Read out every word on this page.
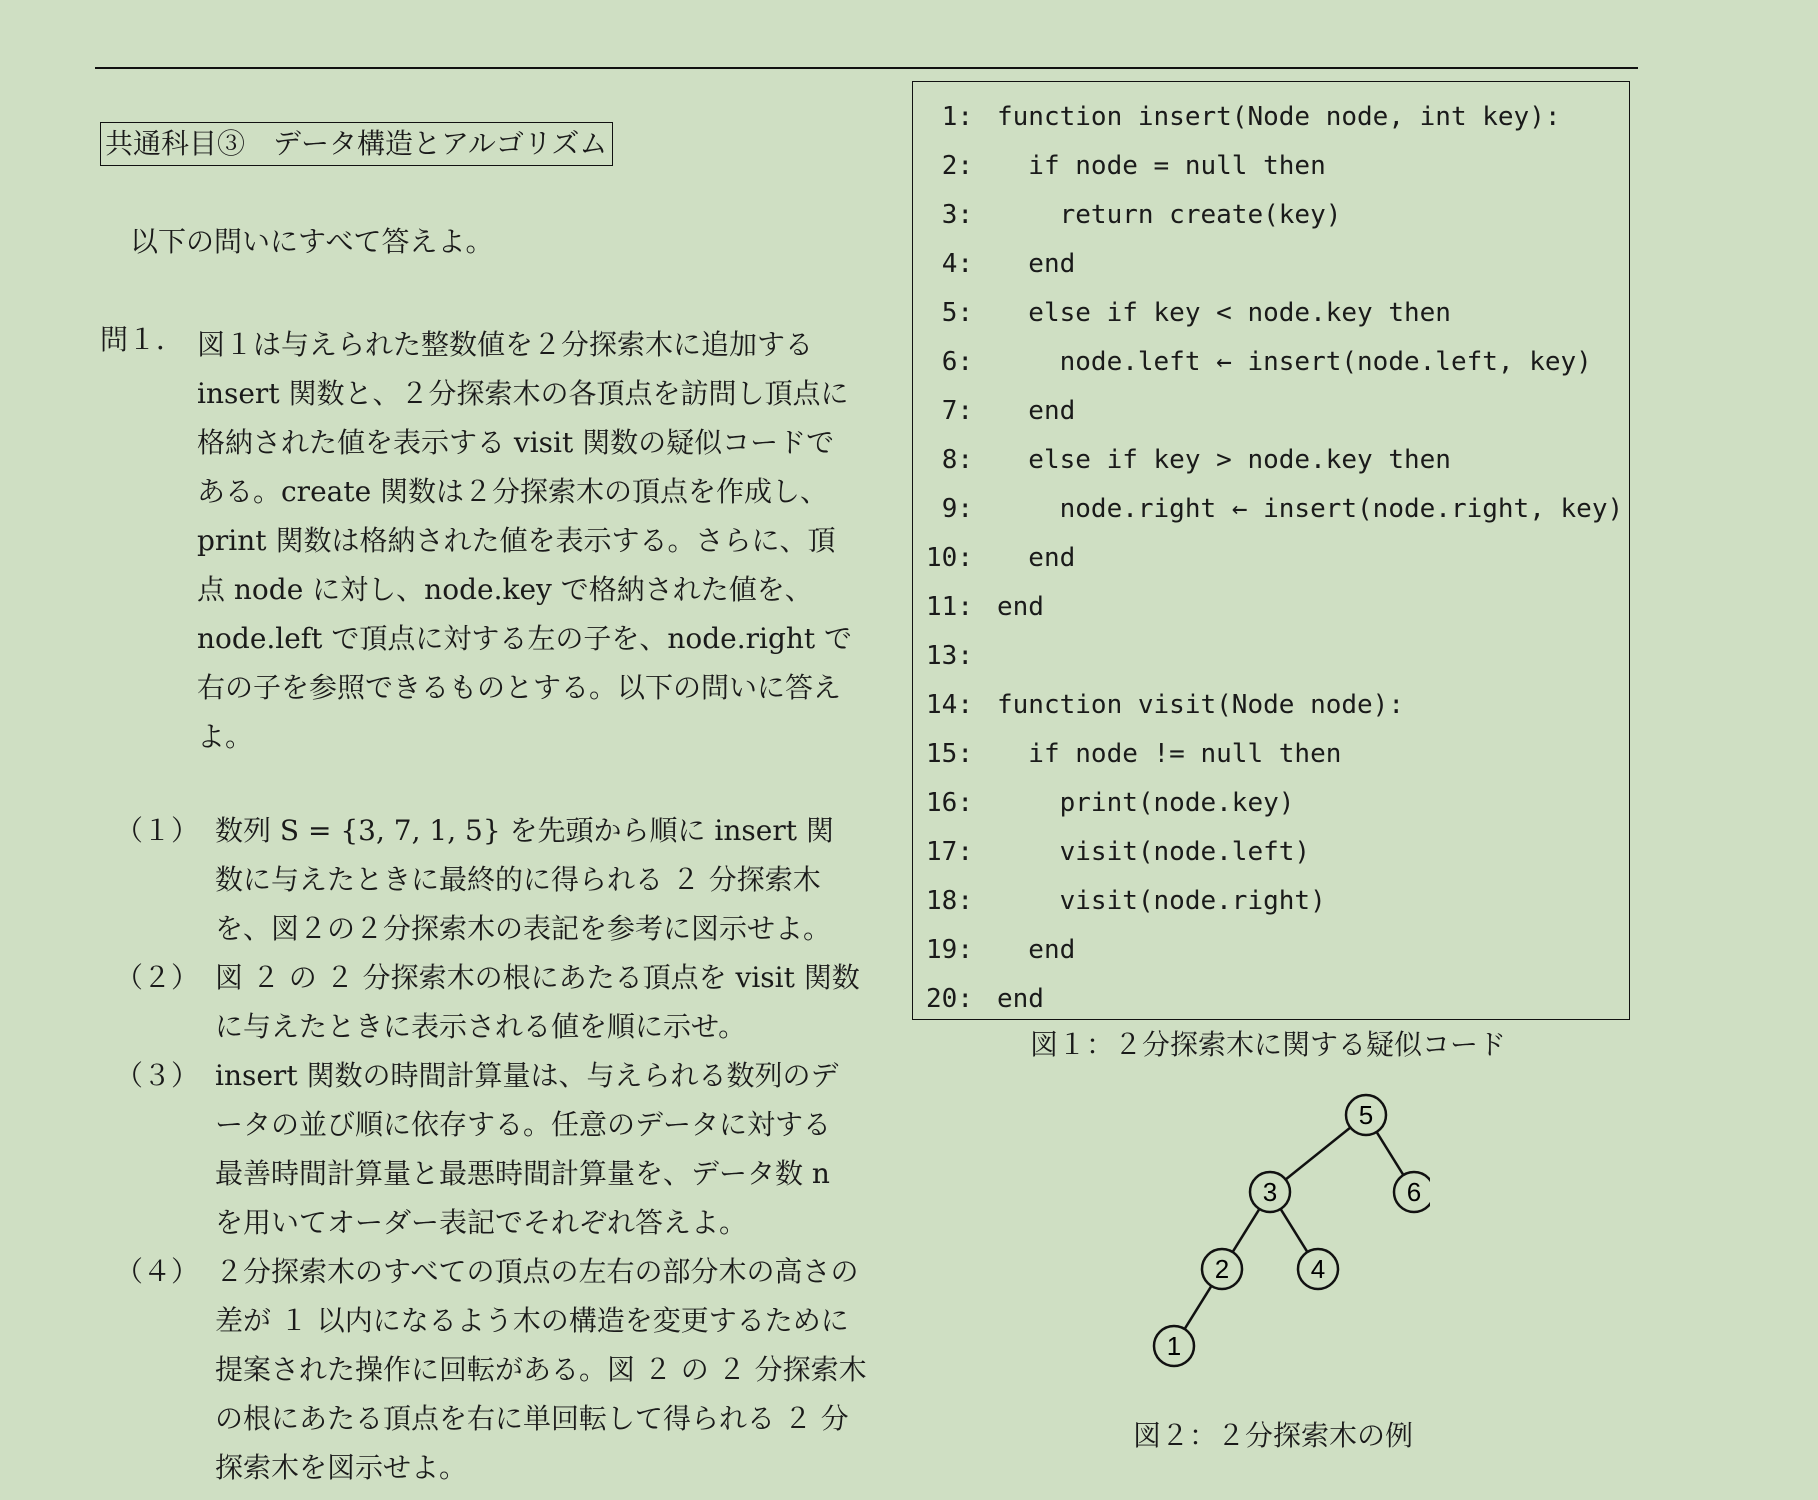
共通科目③　データ構造とアルゴリズム
以下の問いにすべて答えよ。
問１． 図１は与えられた整数値を２分探索木に追加する
insert 関数と、２分探索木の各頂点を訪問し頂点に
格納された値を表示する visit 関数の疑似コードで
ある。create 関数は２分探索木の頂点を作成し、
print 関数は格納された値を表示する。さらに、頂
点 node に対し、node.key で格納された値を、
node.left で頂点に対する左の子を、node.right で
右の子を参照できるものとする。以下の問いに答え
よ。
（１） 数列 S = {3, 7, 1, 5} を先頭から順に insert 関
数に与えたときに最終的に得られる ２ 分探索木
を、図２の２分探索木の表記を参考に図示せよ。
（２） 図 ２ の ２ 分探索木の根にあたる頂点を visit 関数
に与えたときに表示される値を順に示せ。
（３） insert 関数の時間計算量は、与えられる数列のデ
ータの並び順に依存する。任意のデータに対する
最善時間計算量と最悪時間計算量を、データ数 n
を用いてオーダー表記でそれぞれ答えよ。
（４） ２分探索木のすべての頂点の左右の部分木の高さの
差が １ 以内になるよう木の構造を変更するために
提案された操作に回転がある。図 ２ の ２ 分探索木
の根にあたる頂点を右に単回転して得られる ２ 分
探索木を図示せよ。
1: function insert(Node node, int key):
2: if node = null then
3: return create(key)
4: end
5: else if key < node.key then
6: node.left ← insert(node.left, key)
7: end
8: else if key > node.key then
9: node.right ← insert(node.right, key)
10: end
11: end
13:
14: function visit(Node node):
15: if node != null then
16: print(node.key)
17: visit(node.left)
18: visit(node.right)
19: end
20: end
図１：２分探索木に関する疑似コード
5
3	6
2	4
1
図２：２分探索木の例
